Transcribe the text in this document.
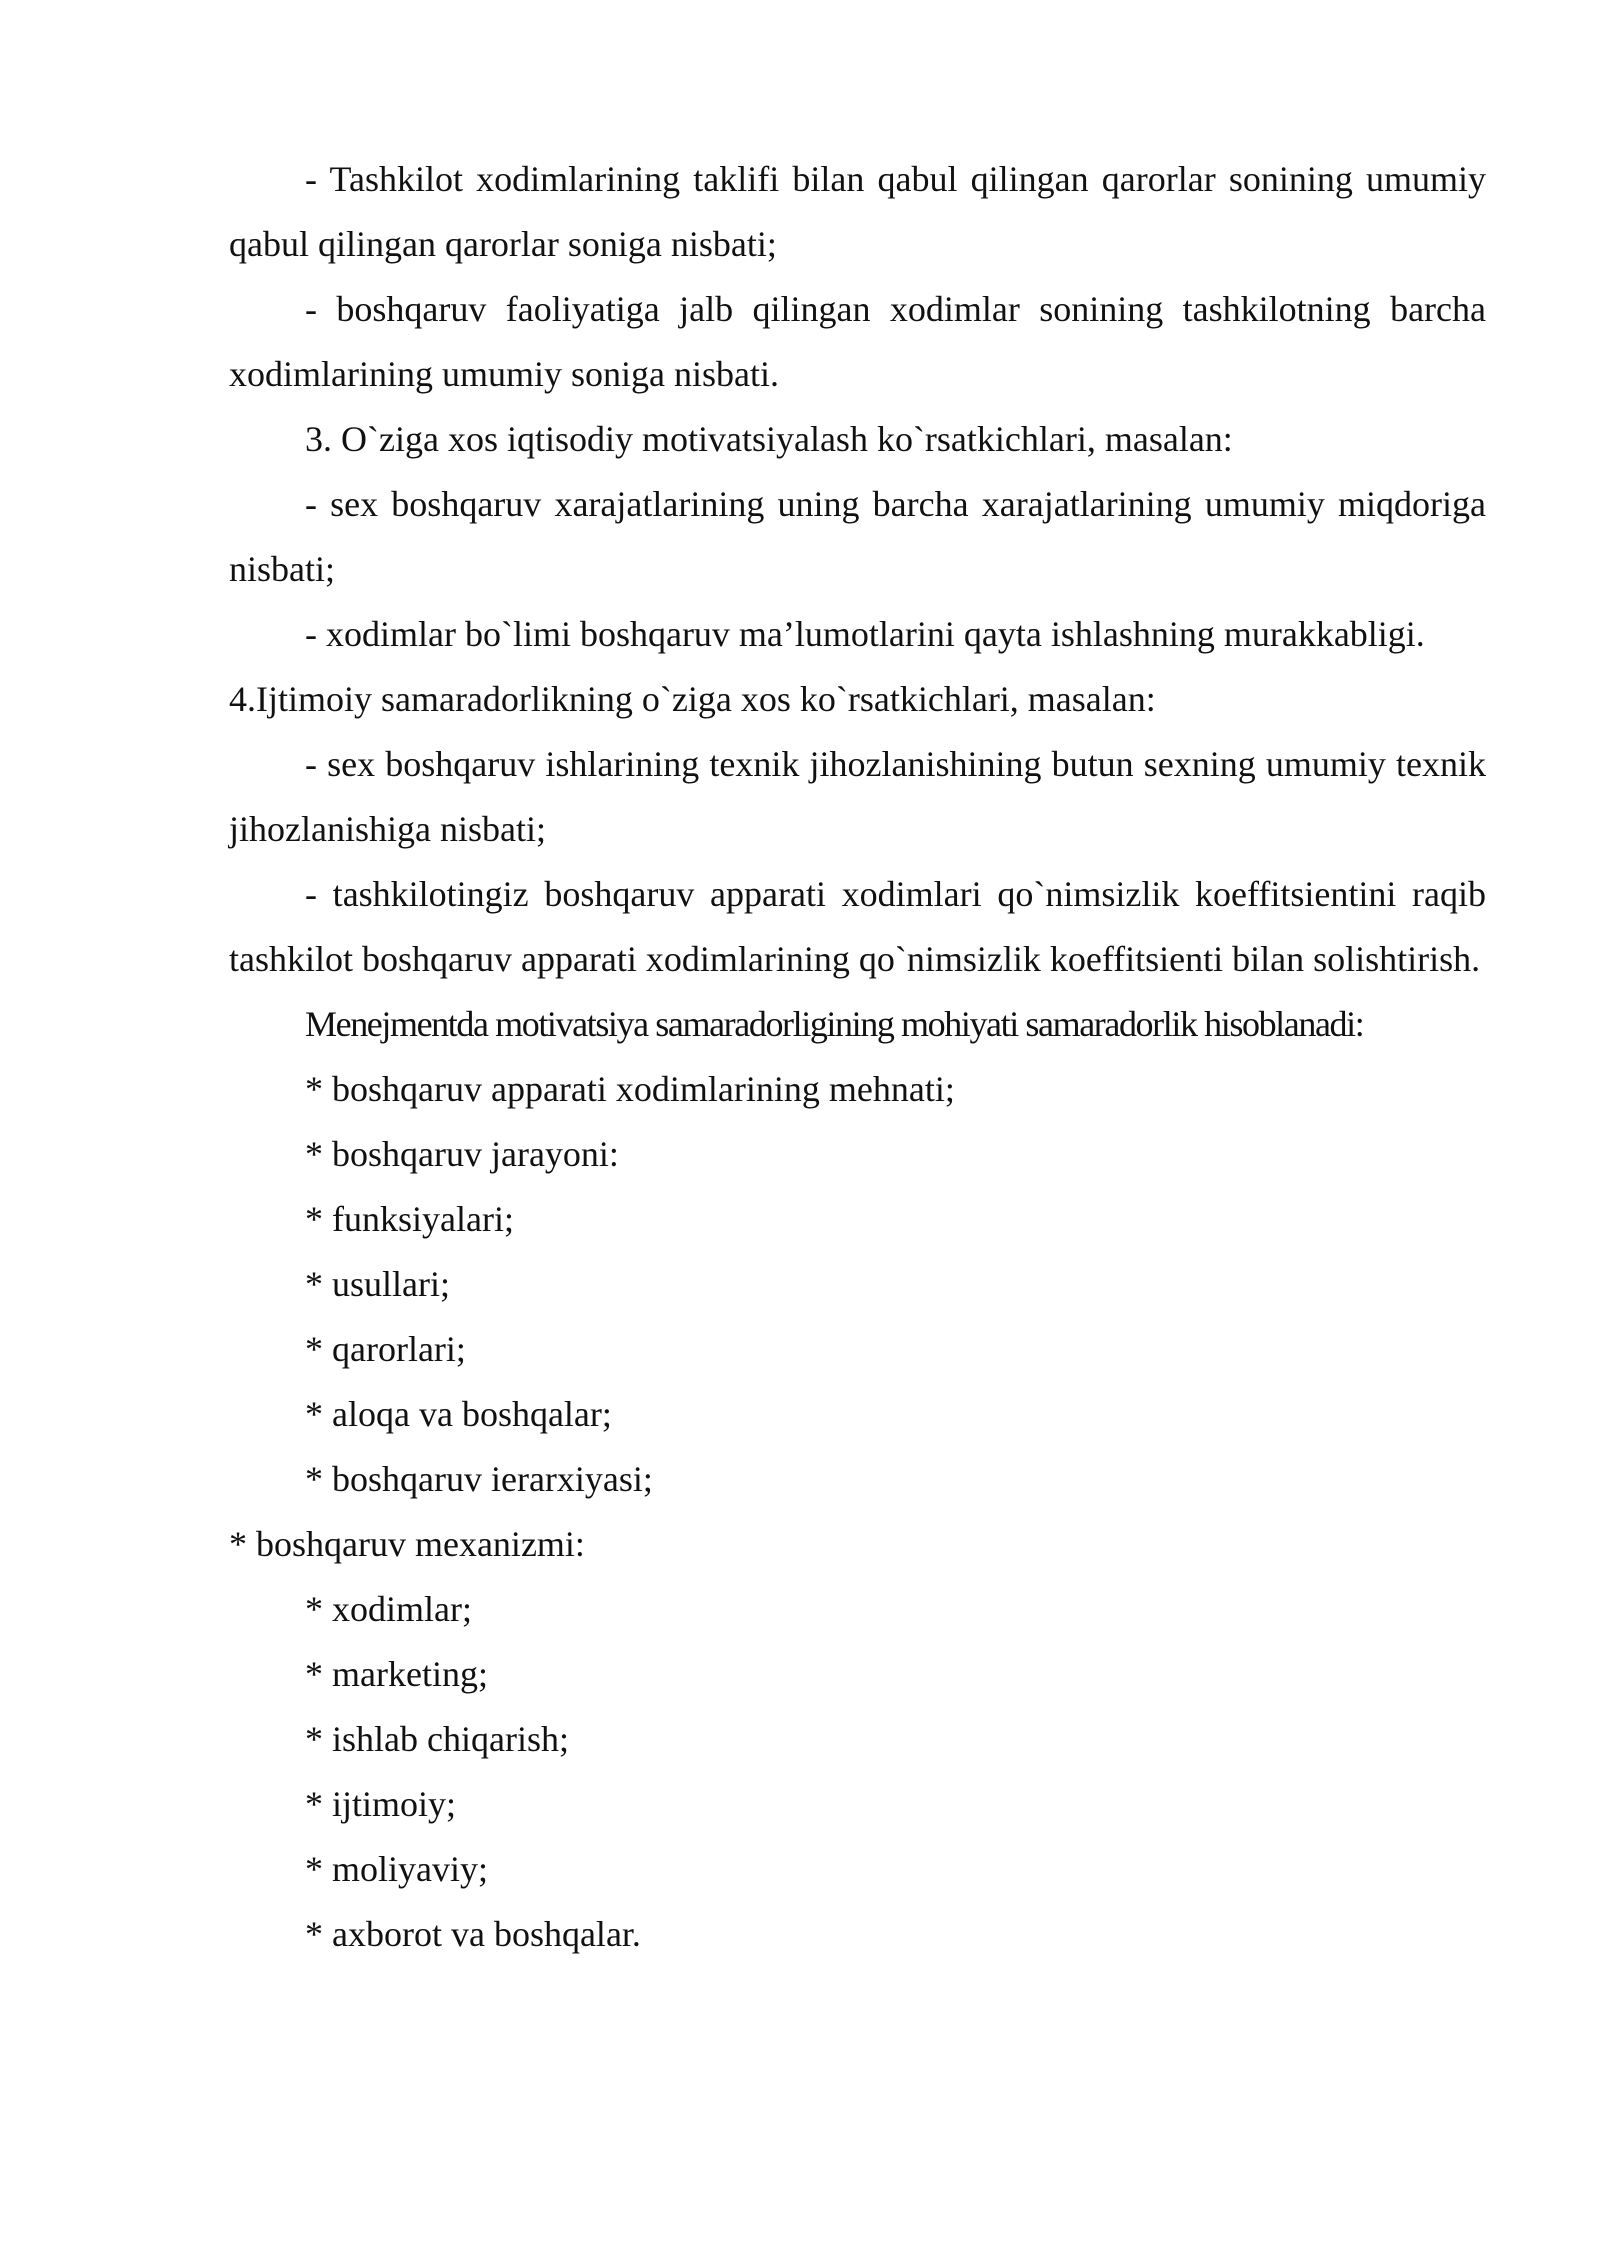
- Tashkilot xodimlarining taklifi bilan qabul qilingan qarorlar sonining umumiy qabul qilingan qarorlar soniga nisbati;

- boshqaruv faoliyatiga jalb qilingan xodimlar sonining tashkilotning barcha xodimlarining umumiy soniga nisbati.

3. O`ziga xos iqtisodiy motivatsiyalash ko`rsatkichlari, masalan:

- sex boshqaruv xarajatlarining uning barcha xarajatlarining umumiy miqdoriga nisbati;

- xodimlar bo`limi boshqaruv ma’lumotlarini qayta ishlashning murakkabligi.

4.Ijtimoiy samaradorlikning o`ziga xos ko`rsatkichlari, masalan:

- sex boshqaruv ishlarining texnik jihozlanishining butun sexning umumiy texnik jihozlanishiga nisbati;

- tashkilotingiz boshqaruv apparati xodimlari qo`nimsizlik koeffitsientini raqib tashkilot boshqaruv apparati xodimlarining qo`nimsizlik koeffitsienti bilan solishtirish.

Menejmentda motivatsiya samaradorligining mohiyati samaradorlik hisoblanadi:

* boshqaruv apparati xodimlarining mehnati;

* boshqaruv jarayoni:

* funksiyalari;

* usullari;

* qarorlari;

* aloqa va boshqalar;

* boshqaruv ierarxiyasi;

* boshqaruv mexanizmi:

* xodimlar;

* marketing;

* ishlab chiqarish;

* ijtimoiy;

* moliyaviy;

* axborot va boshqalar.
